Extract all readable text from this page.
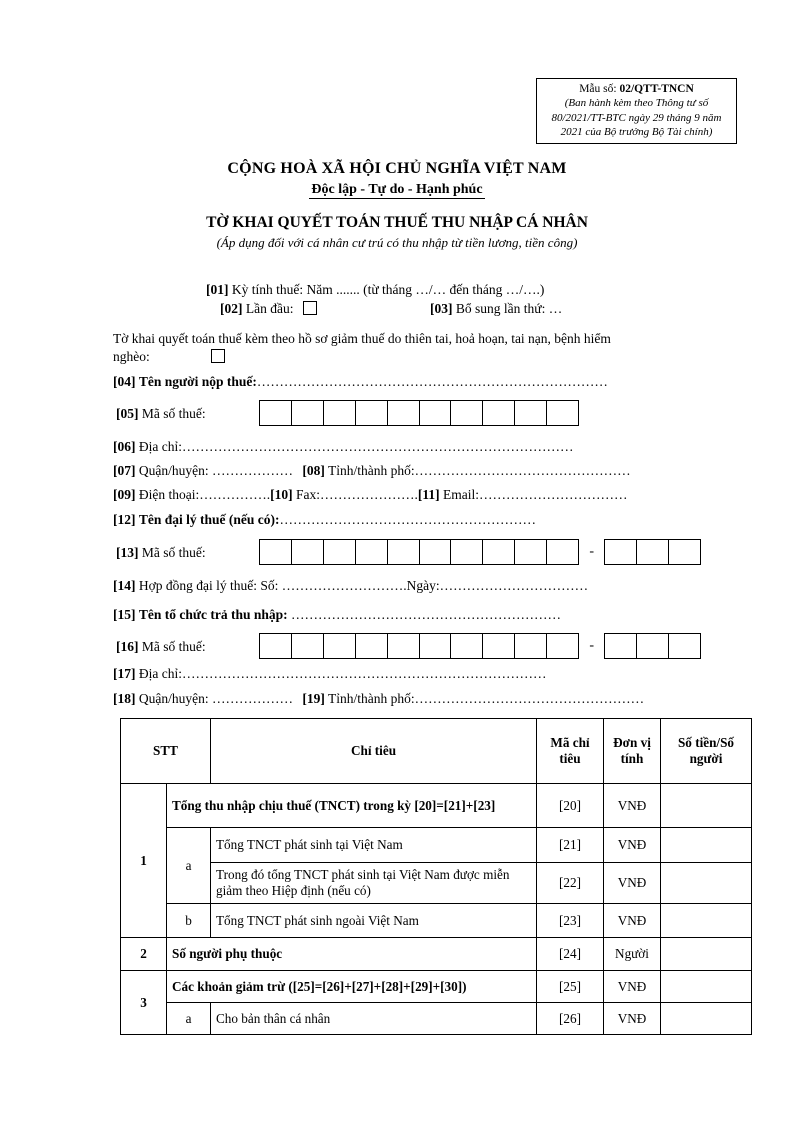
Mẫu số: 02/QTT-TNCN
(Ban hành kèm theo Thông tư số
80/2021/TT-BTC ngày 29 tháng 9 năm
2021 của Bộ trưởng Bộ Tài chính)
CỘNG HOÀ XÃ HỘI CHỦ NGHĨA VIỆT NAM
Độc lập - Tự do - Hạnh phúc
TỜ KHAI QUYẾT TOÁN THUẾ THU NHẬP CÁ NHÂN
(Áp dụng đối với cá nhân cư trú có thu nhập từ tiền lương, tiền công)
[01] Kỳ tính thuế: Năm ....... (từ tháng …/… đến tháng …/….)
[02] Lần đầu:	[03] Bổ sung lần thứ: …
Tờ khai quyết toán thuế kèm theo hồ sơ giảm thuế do thiên tai, hoả hoạn, tai nạn, bệnh hiểm
nghèo:
[04] Tên người nộp thuế:……………………………………………………………………
[05] Mã số thuế:
[06] Địa chỉ:……………………………………………………………………………
[07] Quận/huyện: ……………… [08] Tỉnh/thành phố:…………………………………………
[09] Điện thoại:…………….[10] Fax:………………….[11] Email:……………………………
[12] Tên đại lý thuế (nếu có):…………………………………………………
[13] Mã số thuế:	-
[14] Hợp đồng đại lý thuế: Số: ……………………….Ngày:……………………………
[15] Tên tổ chức trả thu nhập: ……………………………………………………
[16] Mã số thuế:	-
[17] Địa chỉ:………………………………………………………………………
[18] Quận/huyện: ……………… [19] Tỉnh/thành phố:……………………………………………
STT		Chỉ tiêu	Mã chỉ tiêu	Đơn vị tính	Số tiền/Số người
1	Tổng thu nhập chịu thuế (TNCT) trong kỳ [20]=[21]+[23]		[20]	VNĐ	
	a	Tổng TNCT phát sinh tại Việt Nam	[21]	VNĐ	
		Trong đó tổng TNCT phát sinh tại Việt Nam được miễn giảm theo Hiệp định (nếu có)	[22]	VNĐ	
	b	Tổng TNCT phát sinh ngoài Việt Nam	[23]	VNĐ	
2	Số người phụ thuộc		[24]	Người	
3	Các khoản giảm trừ ([25]=[26]+[27]+[28]+[29]+[30])		[25]	VNĐ	
	a	Cho bản thân cá nhân	[26]	VNĐ	
